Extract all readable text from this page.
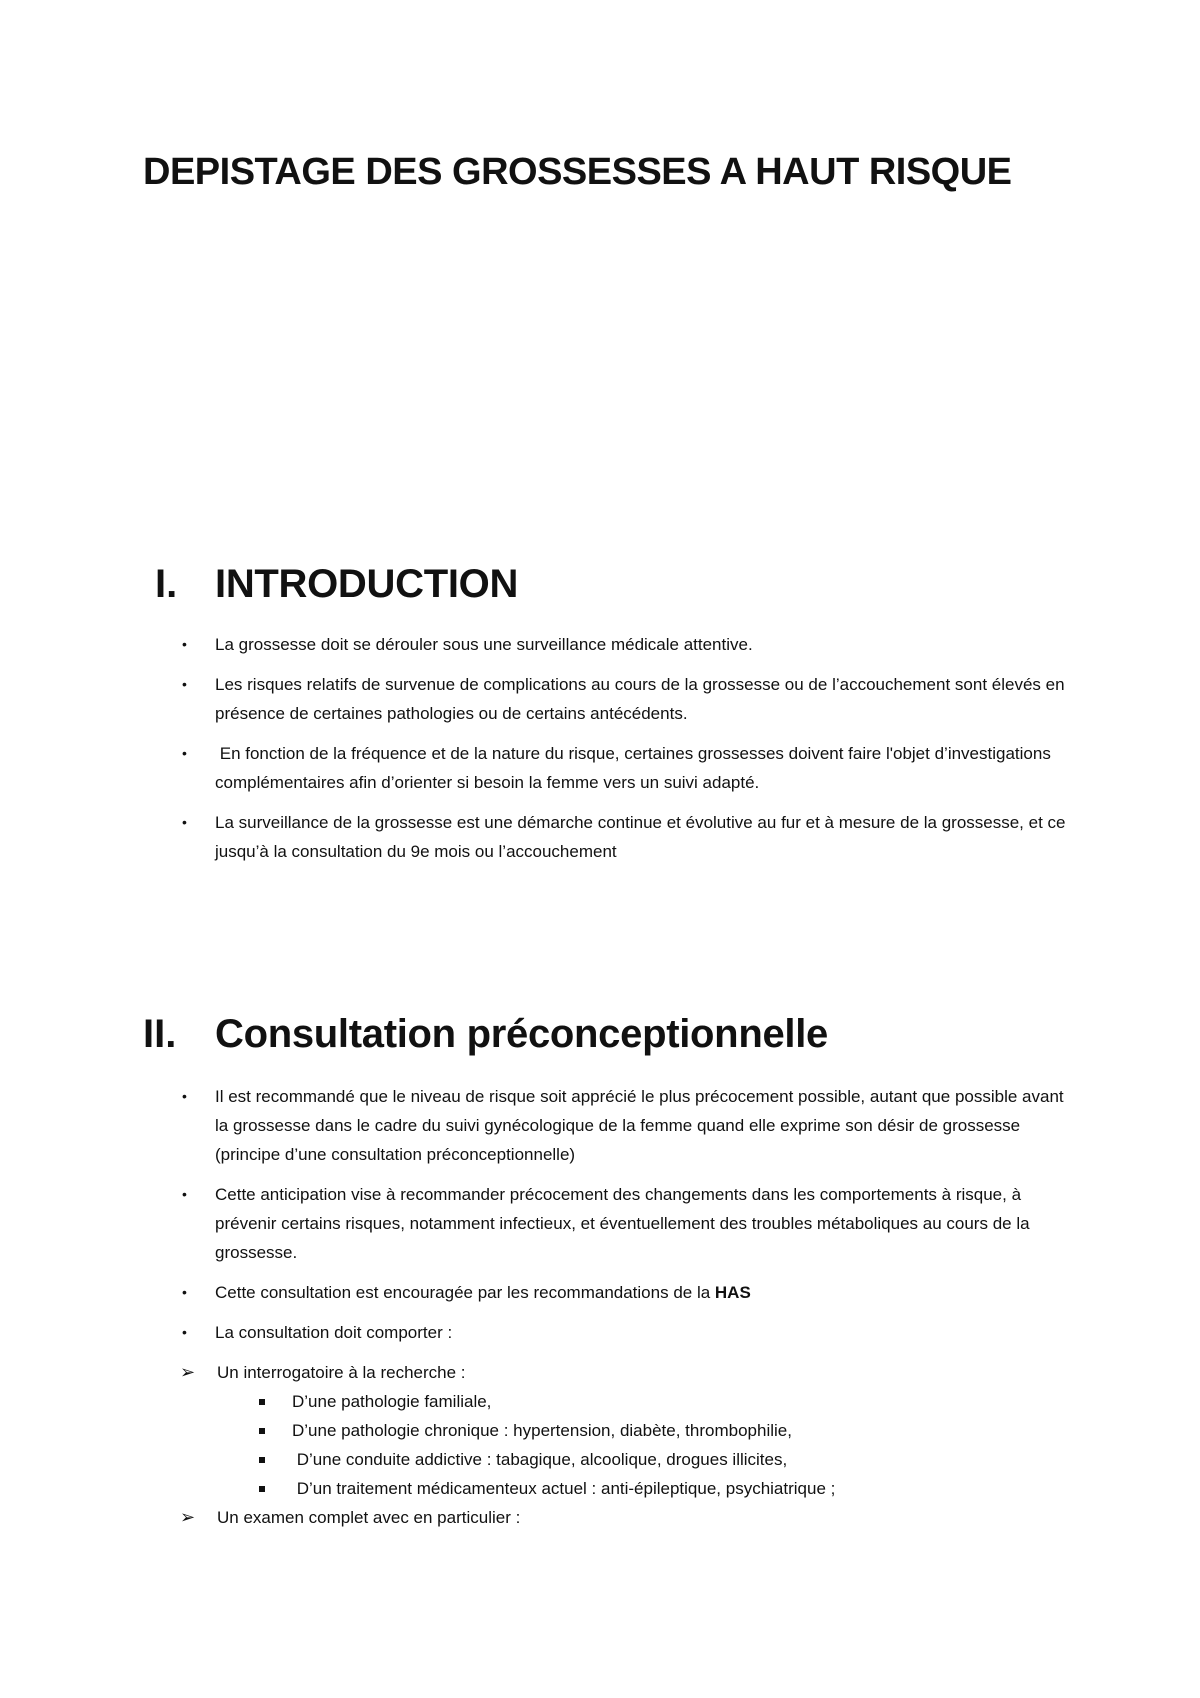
DEPISTAGE DES GROSSESSES A HAUT RISQUE
I. INTRODUCTION
• La grossesse doit se dérouler sous une surveillance médicale attentive.
• Les risques relatifs de survenue de complications au cours de la grossesse ou de l’accouchement sont élevés en présence de certaines pathologies ou de certains antécédents.
• En fonction de la fréquence et de la nature du risque, certaines grossesses doivent faire l'objet d’investigations complémentaires afin d’orienter si besoin la femme vers un suivi adapté.
• La surveillance de la grossesse est une démarche continue et évolutive au fur et à mesure de la grossesse, et ce jusqu’à la consultation du 9e mois ou l’accouchement
II. Consultation préconceptionnelle
• Il est recommandé que le niveau de risque soit apprécié le plus précocement possible, autant que possible avant la grossesse dans le cadre du suivi gynécologique de la femme quand elle exprime son désir de grossesse (principe d’une consultation préconceptionnelle)
• Cette anticipation vise à recommander précocement des changements dans les comportements à risque, à prévenir certains risques, notamment infectieux, et éventuellement des troubles métaboliques au cours de la grossesse.
• Cette consultation est encouragée par les recommandations de la HAS
• La consultation doit comporter :
➢ Un interrogatoire à la recherche :
D’une pathologie familiale,
D’une pathologie chronique : hypertension, diabète, thrombophilie,
D’une conduite addictive : tabagique, alcoolique, drogues illicites,
D’un traitement médicamenteux actuel : anti-épileptique, psychiatrique ;
➢ Un examen complet avec en particulier :
